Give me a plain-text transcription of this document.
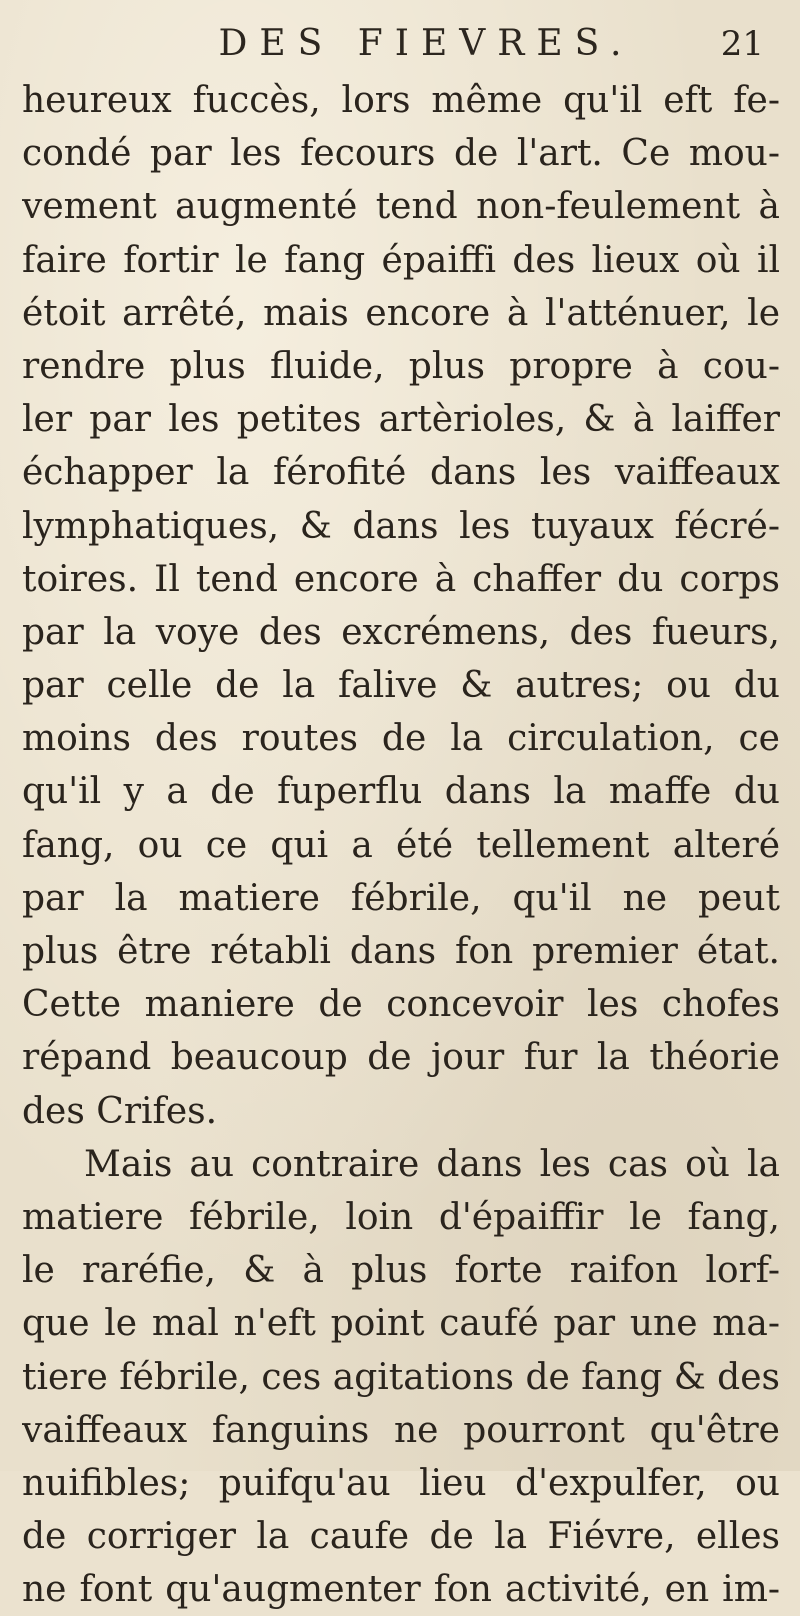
DES FIEVRES.	21
heureux fuccès, lors même qu'il eft fe-
condé par les fecours de l'art. Ce mou-
vement augmenté tend non-feulement à
faire fortir le fang épaiffi des lieux où il
étoit arrêté, mais encore à l'atténuer, le
rendre plus fluide, plus propre à cou-
ler par les petites artèrioles, & à laiffer
échapper la férofité dans les vaiffeaux
lymphatiques, & dans les tuyaux fécré-
toires. Il tend encore à chaffer du corps
par la voye des excrémens, des fueurs,
par celle de la falive & autres; ou du
moins des routes de la circulation, ce
qu'il y a de fuperflu dans la maffe du
fang, ou ce qui a été tellement alteré
par la matiere fébrile, qu'il ne peut
plus être rétabli dans fon premier état.
Cette maniere de concevoir les chofes
répand beaucoup de jour fur la théorie
des Crifes.
Mais au contraire dans les cas où la
matiere fébrile, loin d'épaiffir le fang,
le raréfie, & à plus forte raifon lorf-
que le mal n'eft point caufé par une ma-
tiere fébrile, ces agitations de fang & des
vaiffeaux fanguins ne pourront qu'être
nuifibles; puifqu'au lieu d'expulfer, ou
de corriger la caufe de la Fiévre, elles
ne font qu'augmenter fon activité, en im-
